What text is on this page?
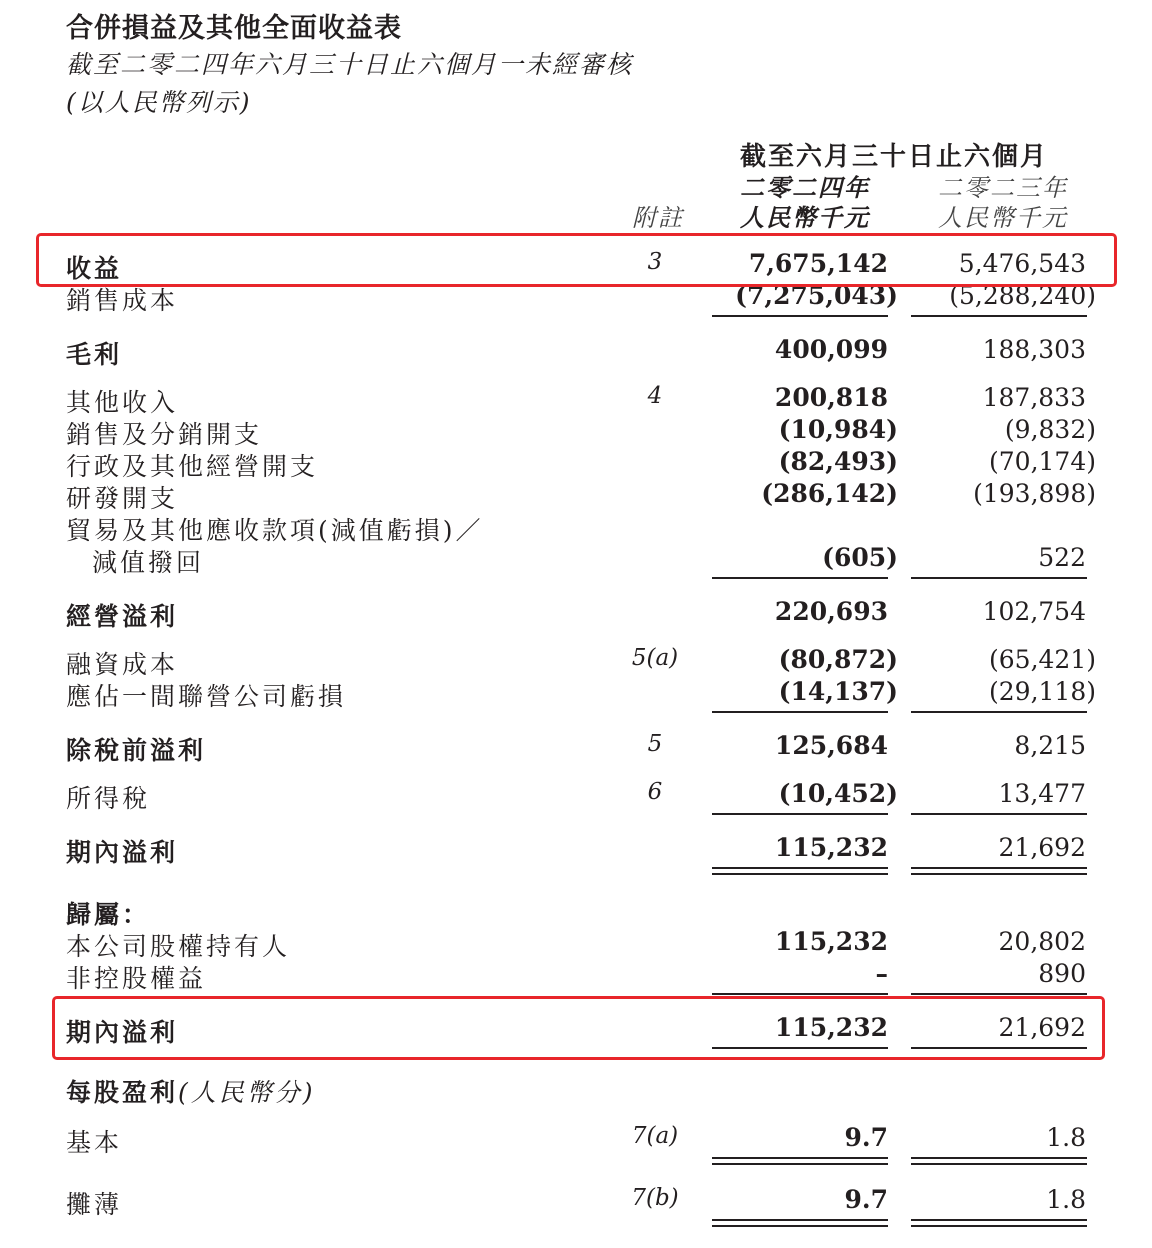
合併損益及其他全面收益表
截至二零二四年六月三十日止六個月一未經審核
(以人民幣列示)
截至六月三十日止六個月
二零二四年	二零二三年
附註 人民幣千元	人民幣千元
收益	3	7,675,142	5,476,543
銷售成本	(7,275,043) (5,288,240)
毛利	400,099	188,303
其他收入	4	200,818	187,833
銷售及分銷開支	(10,984)	(9,832)
行政及其他經營開支	(82,493)	(70,174)
研發開支	(286,142)	(193,898)
貿易及其他應收款項(減值虧損)／
減值撥回	(605)	522
經營溢利	220,693	102,754
融資成本	5(a)	(80,872)	(65,421)
應佔一間聯營公司虧損	(14,137)	(29,118)
除稅前溢利	5	125,684	8,215
所得稅	6	(10,452)	13,477
期內溢利	115,232	21,692
歸屬：
本公司股權持有人	115,232	20,802
非控股權益	–	890
期內溢利	115,232	21,692
每股盈利(人民幣分)
基本	7(a)	9.7	1.8
攤薄	7(b)	9.7	1.8
